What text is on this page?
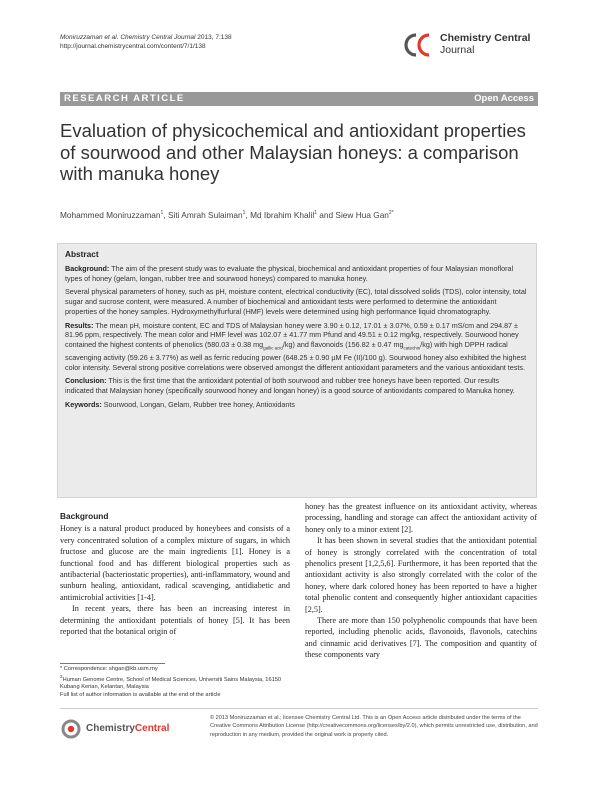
Moniruzzaman et al. Chemistry Central Journal 2013, 7:138
http://journal.chemistrycentral.com/content/7/1/138
Chemistry Central
Journal
RESEARCH ARTICLE	Open Access
Evaluation of physicochemical and antioxidant properties of sourwood and other Malaysian honeys: a comparison with manuka honey
Mohammed Moniruzzaman$^1$, Siti Amrah Sulaiman$^1$, Md Ibrahim Khalil$^1$ and Siew Hua Gan$^{2*}$
Abstract

Background: The aim of the present study was to evaluate the physical, biochemical and antioxidant properties of four Malaysian monofloral types of honey (gelam, longan, rubber tree and sourwood honeys) compared to manuka honey.

Several physical parameters of honey, such as pH, moisture content, electrical conductivity (EC), total dissolved solids (TDS), color intensity, total sugar and sucrose content, were measured. A number of biochemical and antioxidant tests were performed to determine the antioxidant properties of the honey samples. Hydroxymethylfurfural (HMF) levels were determined using high performance liquid chromatography.

Results: The mean pH, moisture content, EC and TDS of Malaysian honey were 3.90 ± 0.12, 17.01 ± 3.07%, 0.59 ± 0.17 mS/cm and 294.87 ± 81.96 ppm, respectively. The mean color and HMF level was 102.07 ± 41.77 mm Pfund and 49.51 ± 0.12 mg/kg, respectively. Sourwood honey contained the highest contents of phenolics (580.03 ± 0.38 $mg_{gallic acid}/kg$) and flavonoids (156.82 ± 0.47 $mg_{catechin}/kg$) with high DPPH radical scavenging activity (59.26 ± 3.77%) as well as ferric reducing power (648.25 ± 0.90 µM Fe (II)/100 g). Sourwood honey also exhibited the highest color intensity. Several strong positive correlations were observed amongst the different antioxidant parameters and the various antioxidant tests.

Conclusion: This is the first time that the antioxidant potential of both sourwood and rubber tree honeys have been reported. Our results indicated that Malaysian honey (specifically sourwood honey and longan honey) is a good source of antioxidants compared to Manuka honey.

Keywords: Sourwood, Longan, Gelam, Rubber tree honey, Antioxidants

Background

Honey is a natural product produced by honeybees and consists of a very concentrated solution of a complex mixture of sugars, in which fructose and glucose are the main ingredients [1]. Honey is a functional food and has different biological properties such as antibacterial (bacteriostatic properties), anti-inflammatory, wound and sunburn healing, antioxidant, radical scavenging, antidiabetic and antimicrobial activities [1-4].

In recent years, there has been an increasing interest in determining the antioxidant potentials of honey [5]. It has been reported that the botanical origin of

honey has the greatest influence on its antioxidant activity, whereas processing, handling and storage can affect the antioxidant activity of honey only to a minor extent [2].

It has been shown in several studies that the antioxidant potential of honey is strongly correlated with the concentration of total phenolics present [1,2,5,6]. Furthermore, it has been reported that the antioxidant activity is also strongly correlated with the color of the honey, where dark colored honey has been reported to have a higher total phenolic content and consequently higher antioxidant capacities [2,5].

There are more than 150 polyphenolic compounds that have been reported, including phenolic acids, flavonoids, flavonols, catechins and cinnamic acid derivatives [7]. The composition and quantity of these components vary

* Correspondence: shgan@kb.usm.my

$^2$Human Genome Centre, School of Medical Sciences, Universiti Sains Malaysia, 16150 Kubang Kerian, Kelantan, Malaysia

Full list of author information is available at the end of the article

ChemistryCentral
© 2013 Moniruzzaman et al.; licensee Chemistry Central Ltd. This is an Open Access article distributed under the terms of the Creative Commons Attribution License (http://creativecommons.org/licenses/by/2.0), which permits unrestricted use, distribution, and reproduction in any medium, provided the original work is properly cited.
